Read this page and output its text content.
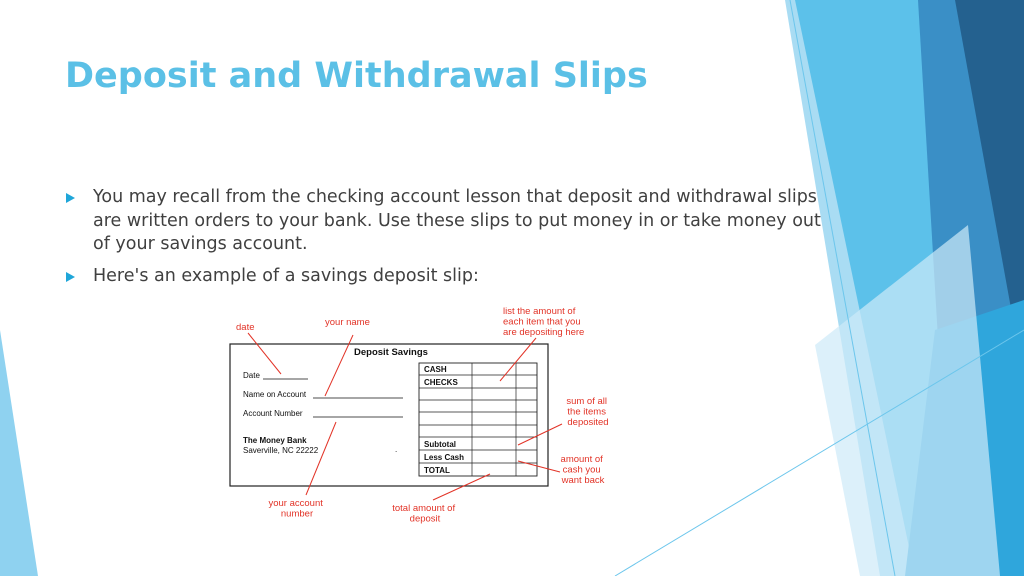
Deposit and Withdrawal Slips
You may recall from the checking account lesson that deposit and withdrawal slips are written orders to your bank. Use these slips to put money in or take money out of your savings account.
Here's an example of a savings deposit slip:
Deposit Savings
Date
Name on Account
Account Number
The Money Bank
Saverville, NC 22222	.
CASH
CHECKS
Subtotal
Less Cash
TOTAL
date	your name
list the amount of each item that you are depositing here
sum of all the items deposited
amount of cash you want back
your account number	total amount of deposit
